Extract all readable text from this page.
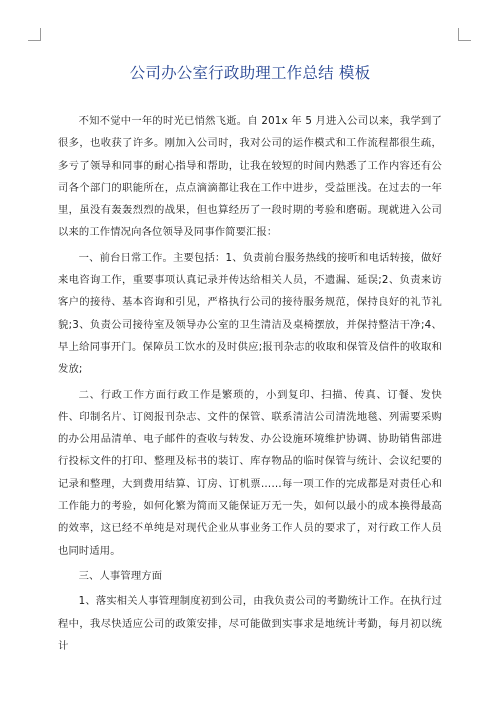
公司办公室行政助理工作总结 模板

不知不觉中一年的时光已悄然飞逝。自 201x 年 5 月进入公司以来，我学到了很多，也收获了许多。刚加入公司时，我对公司的运作模式和工作流程都很生疏，多亏了领导和同事的耐心指导和帮助，让我在较短的时间内熟悉了工作内容还有公司各个部门的职能所在，点点滴滴都让我在工作中进步，受益匪浅。在过去的一年里，虽没有轰轰烈烈的战果，但也算经历了一段时期的考验和磨砺。现就进入公司以来的工作情况向各位领导及同事作简要汇报：

一、前台日常工作。主要包括：1、负责前台服务热线的接听和电话转接，做好来电咨询工作，重要事项认真记录并传达给相关人员，不遗漏、延误;2、负责来访客户的接待、基本咨询和引见，严格执行公司的接待服务规范，保持良好的礼节礼貌;3、负责公司接待室及领导办公室的卫生清洁及桌椅摆放，并保持整洁干净;4、早上给同事开门。保障员工饮水的及时供应;报刊杂志的收取和保管及信件的收取和发放;

二、行政工作方面行政工作是繁琐的，小到复印、扫描、传真、订餐、发快件、印制名片、订阅报刊杂志、文件的保管、联系清洁公司清洗地毯、列需要采购的办公用品清单、电子邮件的查收与转发、办公设施环境维护协调、协助销售部进行投标文件的打印、整理及标书的装订、库存物品的临时保管与统计、会议纪要的记录和整理，大到费用结算、订房、订机票……每一项工作的完成都是对责任心和工作能力的考验，如何化繁为简而又能保证万无一失，如何以最小的成本换得最高的效率，这已经不单纯是对现代企业从事业务工作人员的要求了，对行政工作人员也同时适用。

三、人事管理方面

1、落实相关人事管理制度初到公司，由我负责公司的考勤统计工作。在执行过程中，我尽快适应公司的政策安排，尽可能做到实事求是地统计考勤，每月初以统计
